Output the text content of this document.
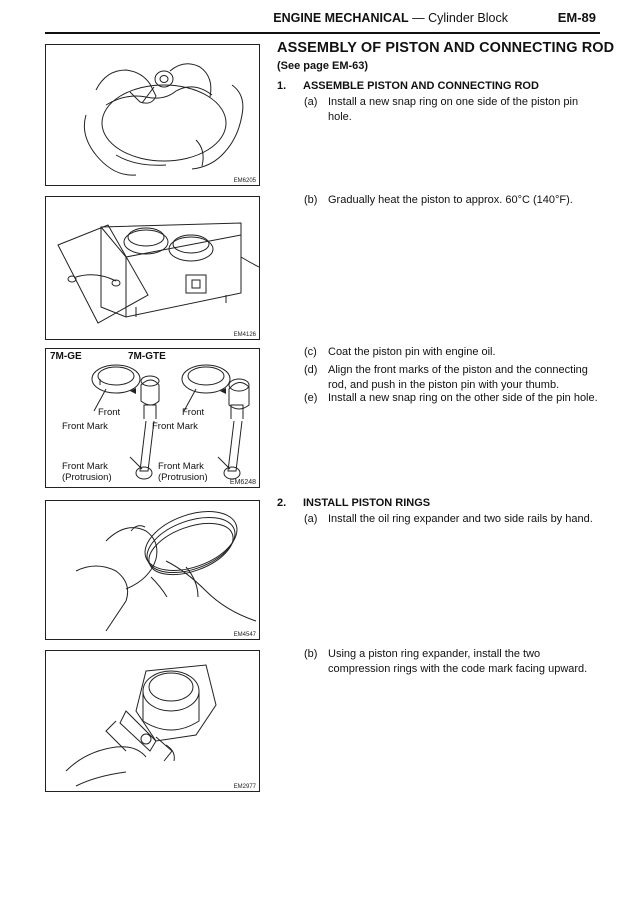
ENGINE MECHANICAL — Cylinder Block	EM-89
EM6205
EM4126
7M-GE	7M-GTE
Front	Front
Front Mark	Front Mark
Front Mark	Front Mark
(Protrusion)	(Protrusion)	EM6248
EM4547
EM2977
ASSEMBLY OF PISTON AND CONNECTING ROD
(See page EM-63)
1. ASSEMBLE PISTON AND CONNECTING ROD
(a) Install a new snap ring on one side of the piston pin hole.
(b) Gradually heat the piston to approx. 60°C (140°F).
(c) Coat the piston pin with engine oil.
(d) Align the front marks of the piston and the connecting rod, and push in the piston pin with your thumb.
(e) Install a new snap ring on the other side of the pin hole.
2. INSTALL PISTON RINGS
(a) Install the oil ring expander and two side rails by hand.
(b) Using a piston ring expander, install the two compression rings with the code mark facing upward.
